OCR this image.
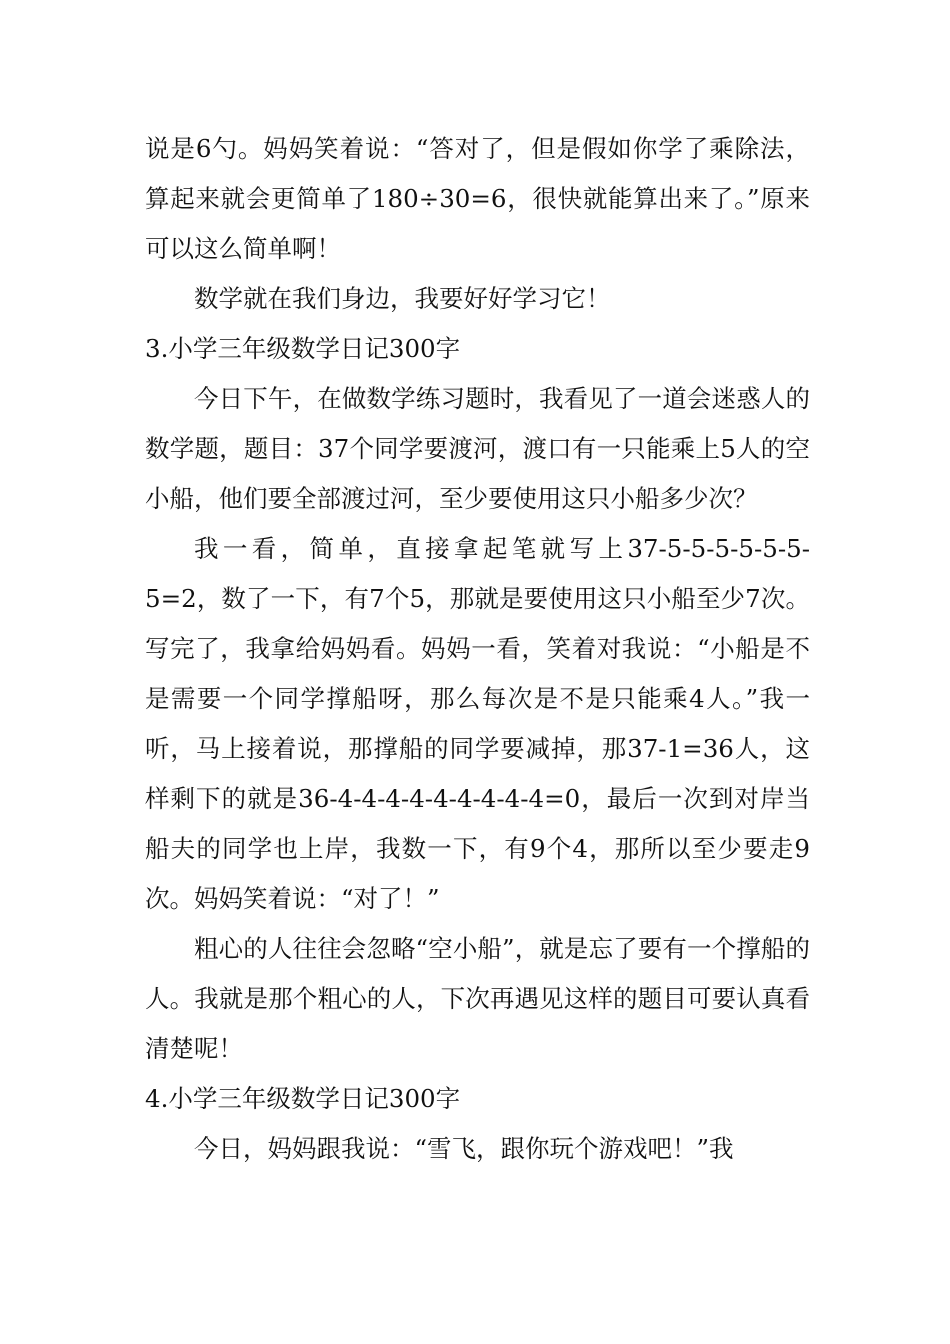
说是6勺。妈妈笑着说：“答对了，但是假如你学了乘除法，算起来就会更简单了180÷30=6，很快就能算出来了。”原来可以这么简单啊！

数学就在我们身边，我要好好学习它！

3.小学三年级数学日记300字

今日下午，在做数学练习题时，我看见了一道会迷惑人的数学题，题目：37个同学要渡河，渡口有一只能乘上5人的空小船，他们要全部渡过河，至少要使用这只小船多少次？

我一看，简单，直接拿起笔就写上37-5-5-5-5-5-5-5=2，数了一下，有7个5，那就是要使用这只小船至少7次。写完了，我拿给妈妈看。妈妈一看，笑着对我说：“小船是不是需要一个同学撑船呀，那么每次是不是只能乘4人。”我一听，马上接着说，那撑船的同学要减掉，那37-1=36人，这样剩下的就是36-4-4-4-4-4-4-4-4-4=0，最后一次到对岸当船夫的同学也上岸，我数一下，有9个4，那所以至少要走9次。妈妈笑着说：“对了！”

粗心的人往往会忽略“空小船”，就是忘了要有一个撑船的人。我就是那个粗心的人，下次再遇见这样的题目可要认真看清楚呢！

4.小学三年级数学日记300字

今日，妈妈跟我说：“雪飞，跟你玩个游戏吧！”我
